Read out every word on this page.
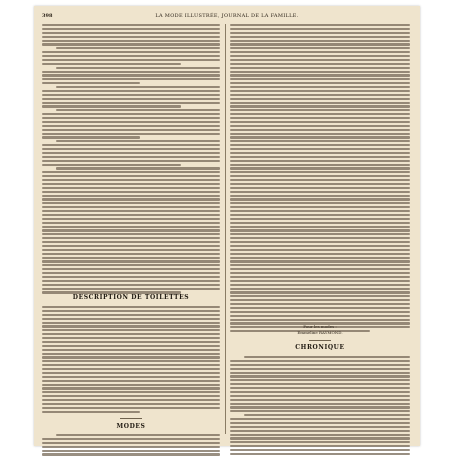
398	LA MODE ILLUSTRÉE, JOURNAL DE LA FAMILLE.
DESCRIPTION DE TOILETTES
MODES
Pour les modes :
Emmeline RAYMOND.
CHRONIQUE
